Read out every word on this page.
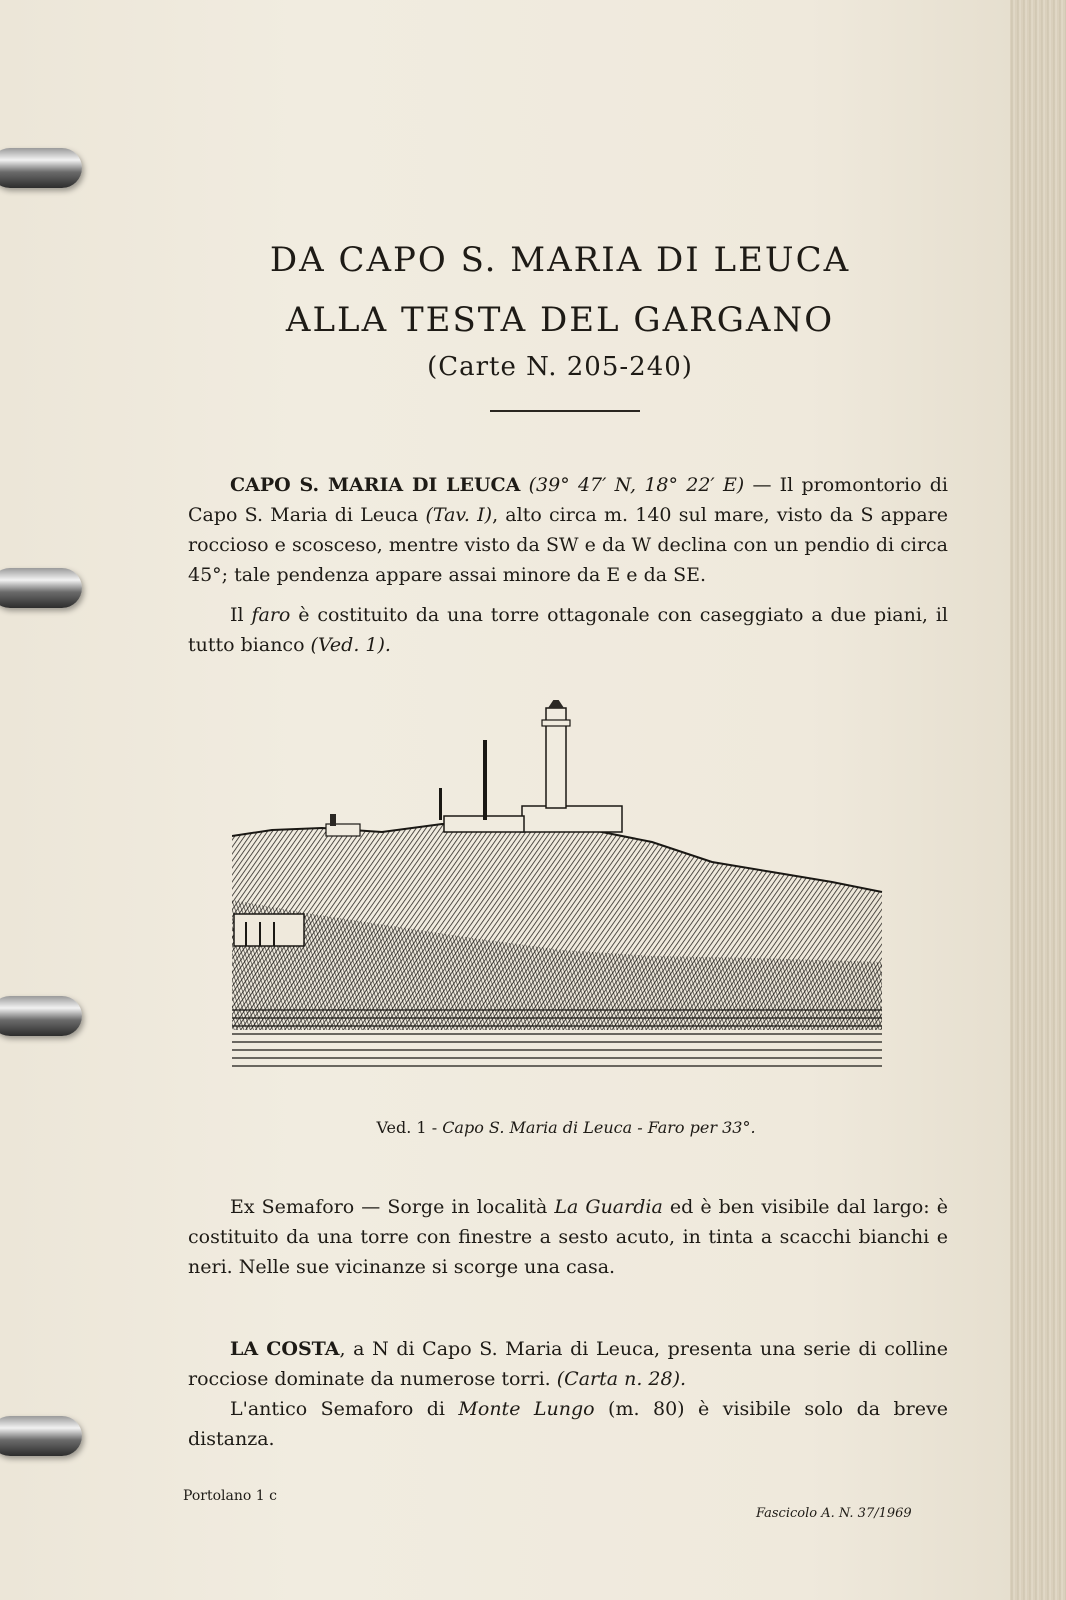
DA CAPO S. MARIA DI LEUCA
ALLA TESTA DEL GARGANO
(Carte N. 205-240)
CAPO S. MARIA DI LEUCA (39° 47′ N, 18° 22′ E) — Il promontorio di Capo S. Maria di Leuca (Tav. I), alto circa m. 140 sul mare, visto da S appare roccioso e scosceso, mentre visto da SW e da W declina con un pendio di circa 45°; tale pendenza appare assai minore da E e da SE.
Il faro è costituito da una torre ottagonale con caseggiato a due piani, il tutto bianco (Ved. 1).
Ved. 1 - Capo S. Maria di Leuca - Faro per 33°.
Ex Semaforo — Sorge in località La Guardia ed è ben visibile dal largo: è costituito da una torre con finestre a sesto acuto, in tinta a scacchi bianchi e neri. Nelle sue vicinanze si scorge una casa.
LA COSTA, a N di Capo S. Maria di Leuca, presenta una serie di colline rocciose dominate da numerose torri. (Carta n. 28).
L'antico Semaforo di Monte Lungo (m. 80) è visibile solo da breve distanza.
Portolano 1 c
Fascicolo A. N. 37/1969
